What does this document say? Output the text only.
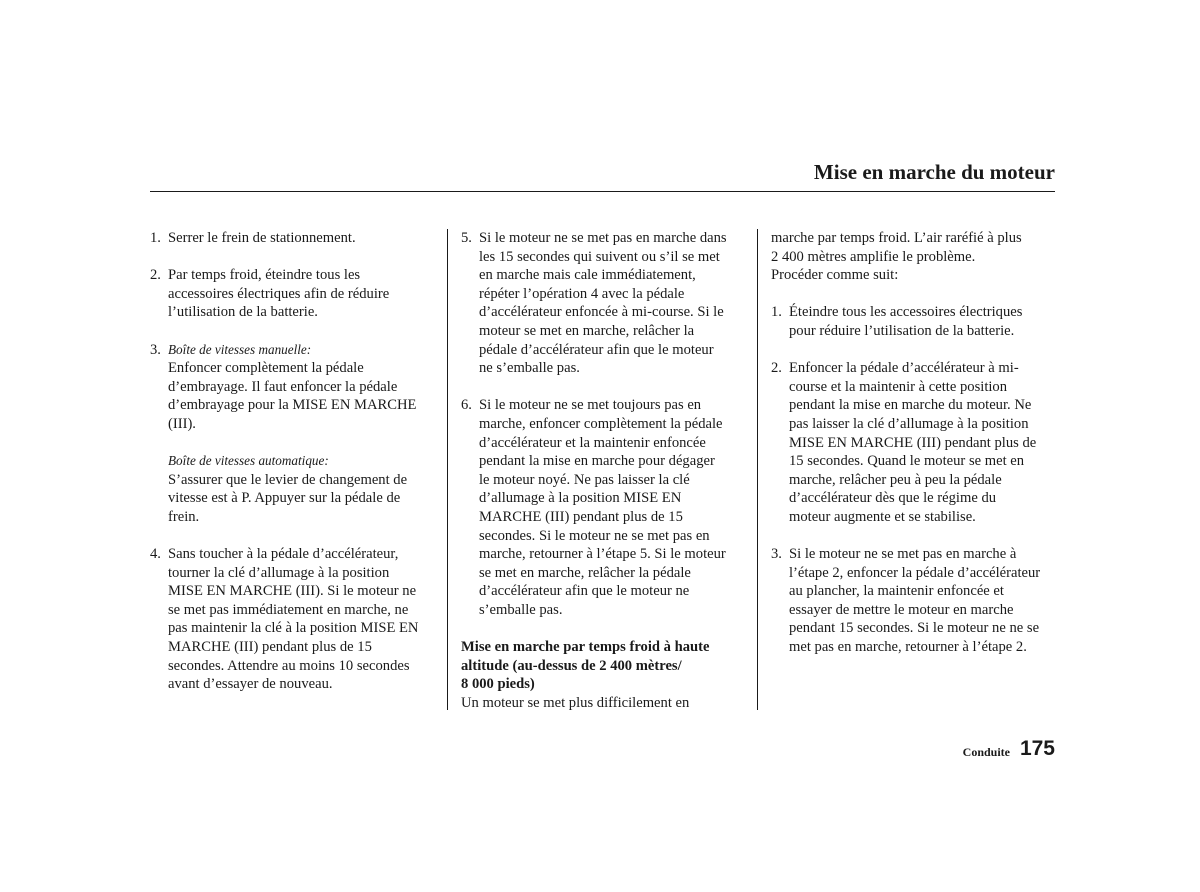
Mise en marche du moteur
1. Serrer le frein de stationnement.

2. Par temps froid, éteindre tous les

accessoires électriques afin de réduire

l’utilisation de la batterie.

3. Boîte de vitesses manuelle:

Enfoncer complètement la pédale

d’embrayage. Il faut enfoncer la pédale

d’embrayage pour la MISE EN MARCHE

(III).

Boîte de vitesses automatique:

S’assurer que le levier de changement de

vitesse est à P. Appuyer sur la pédale de

frein.

4. Sans toucher à la pédale d’accélérateur,

tourner la clé d’allumage à la position

MISE EN MARCHE (III). Si le moteur ne

se met pas immédiatement en marche, ne

pas maintenir la clé à la position MISE EN

MARCHE (III) pendant plus de 15

secondes. Attendre au moins 10 secondes

avant d’essayer de nouveau.

5. Si le moteur ne se met pas en marche dans

les 15 secondes qui suivent ou s’il se met

en marche mais cale immédiatement,

répéter l’opération 4 avec la pédale

d’accélérateur enfoncée à mi-course. Si le

moteur se met en marche, relâcher la

pédale d’accélérateur afin que le moteur

ne s’emballe pas.

6. Si le moteur ne se met toujours pas en

marche, enfoncer complètement la pédale

d’accélérateur et la maintenir enfoncée

pendant la mise en marche pour dégager

le moteur noyé. Ne pas laisser la clé

d’allumage à la position MISE EN

MARCHE (III) pendant plus de 15

secondes. Si le moteur ne se met pas en

marche, retourner à l’étape 5. Si le moteur

se met en marche, relâcher la pédale

d’accélérateur afin que le moteur ne

s’emballe pas.

Mise en marche par temps froid à haute

altitude (au-dessus de 2 400 mètres/

8 000 pieds)

Un moteur se met plus difficilement en

marche par temps froid. L’air raréfié à plus

2 400 mètres amplifie le problème.

Procéder comme suit:

1. Éteindre tous les accessoires électriques

pour réduire l’utilisation de la batterie.

2. Enfoncer la pédale d’accélérateur à mi-

course et la maintenir à cette position

pendant la mise en marche du moteur. Ne

pas laisser la clé d’allumage à la position

MISE EN MARCHE (III) pendant plus de

15 secondes. Quand le moteur se met en

marche, relâcher peu à peu la pédale

d’accélérateur dès que le régime du

moteur augmente et se stabilise.

3. Si le moteur ne se met pas en marche à

l’étape 2, enfoncer la pédale d’accélérateur

au plancher, la maintenir enfoncée et

essayer de mettre le moteur en marche

pendant 15 secondes. Si le moteur ne ne se

met pas en marche, retourner à l’étape 2.

Conduite 175
